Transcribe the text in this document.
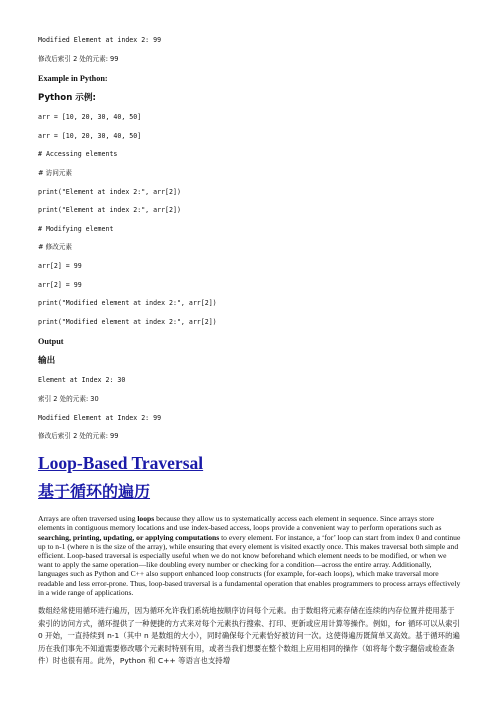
Modified Element at index 2: 99
修改后索引 2 处的元素: 99
Example in Python:
Python 示例:
arr = [10, 20, 30, 40, 50]
arr = [10, 20, 30, 40, 50]
# Accessing elements
# 访问元素
print("Element at index 2:", arr[2])
print("Element at index 2:", arr[2])
# Modifying element
# 修改元素
arr[2] = 99
arr[2] = 99
print("Modified element at index 2:", arr[2])
print("Modified element at index 2:", arr[2])
Output
输出
Element at Index 2: 30
索引 2 处的元素: 30
Modified Element at Index 2: 99
修改后索引 2 处的元素: 99
Loop-Based Traversal
基于循环的遍历

Arrays are often traversed using loops because they allow us to systematically access each element in sequence. Since arrays store elements in contiguous memory locations and use index-based access, loops provide a convenient way to perform operations such as searching, printing, updating, or applying computations to every element. For instance, a ‘for’ loop can start from index 0 and continue up to n-1 (where n is the size of the array), while ensuring that every element is visited exactly once. This makes traversal both simple and efficient. Loop-based traversal is especially useful when we do not know beforehand which element needs to be modified, or when we want to apply the same operation—like doubling every number or checking for a condition—across the entire array. Additionally, languages such as Python and C++ also support enhanced loop constructs (for example, for-each loops), which make traversal more readable and less error-prone. Thus, loop-based traversal is a fundamental operation that enables programmers to process arrays effectively in a wide range of applications.

数组经常使用循环进行遍历，因为循环允许我们系统地按顺序访问每个元素。由于数组将元素存储在连续的内存位置并使用基于索引的访问方式，循环提供了一种便捷的方式来对每个元素执行搜索、打印、更新或应用计算等操作。例如，for 循环可以从索引 0 开始，一直持续到 n-1（其中 n 是数组的大小），同时确保每个元素恰好被访问一次。这使得遍历既简单又高效。基于循环的遍历在我们事先不知道需要修改哪个元素时特别有用，或者当我们想要在整个数组上应用相同的操作（如将每个数字翻倍或检查条件）时也很有用。此外，Python 和 C++ 等语言也支持增
